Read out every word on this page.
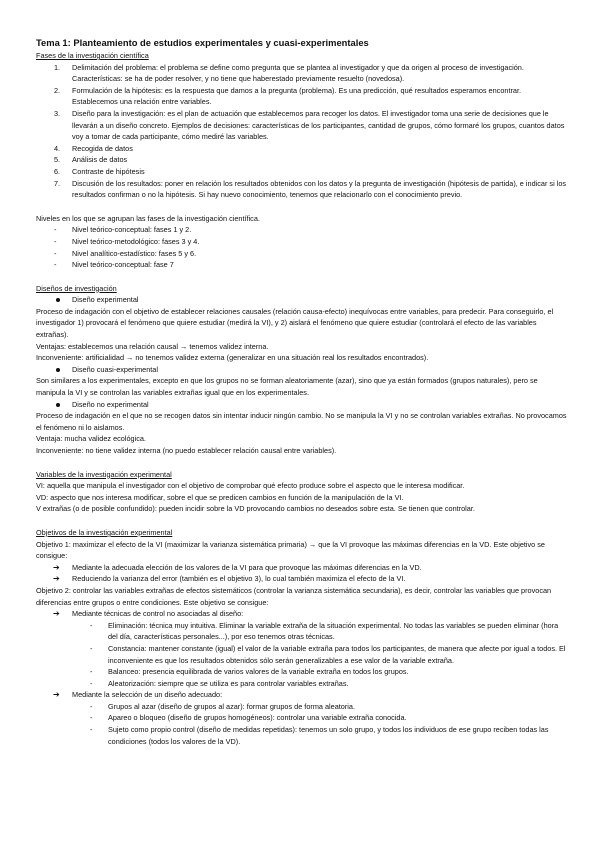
Tema 1: Planteamiento de estudios experimentales y cuasi-experimentales

Fases de la investigación científica

1. Delimitación del problema: el problema se define como pregunta que se plantea al investigador y que da origen al proceso de investigación. Características: se ha de poder resolver, y no tiene que haberestado previamente resuelto (novedosa).
2. Formulación de la hipótesis: es la respuesta que damos a la pregunta (problema). Es una predicción, qué resultados esperamos encontrar. Establecemos una relación entre variables.
3. Diseño para la investigación: es el plan de actuación que establecemos para recoger los datos. El investigador toma una serie de decisiones que le llevarán a un diseño concreto. Ejemplos de decisiones: características de los participantes, cantidad de grupos, cómo formaré los grupos, cuantos datos voy a tomar de cada participante, cómo mediré las variables.
4. Recogida de datos
5. Análisis de datos
6. Contraste de hipótesis
7. Discusión de los resultados: poner en relación los resultados obtenidos con los datos y la pregunta de investigación (hipótesis de partida), e indicar si los resultados confirman o no la hipótesis. Si hay nuevo conocimiento, tenemos que relacionarlo con el conocimiento previo.

Niveles en los que se agrupan las fases de la investigación científica.

- Nivel teórico-conceptual: fases 1 y 2.
- Nivel teórico-metodológico: fases 3 y 4.
- Nivel analítico-estadístico: fases 5 y 6.
- Nivel teórico-conceptual: fase 7

Diseños de investigación

Diseño experimental

Proceso de indagación con el objetivo de establecer relaciones causales (relación causa-efecto) inequívocas entre variables, para predecir. Para conseguirlo, el investigador 1) provocará el fenómeno que quiere estudiar (medirá la VI), y 2) aislará el fenómeno que quiere estudiar (controlará el efecto de las variables extrañas).

Ventajas: establecemos una relación causal → tenemos validez interna.

Inconveniente: artificialidad → no tenemos validez externa (generalizar en una situación real los resultados encontrados).

Diseño cuasi-experimental

Son similares a los experimentales, excepto en que los grupos no se forman aleatoriamente (azar), sino que ya están formados (grupos naturales), pero se manipula la VI y se controlan las variables extrañas igual que en los experimentales.

Diseño no experimental

Proceso de indagación en el que no se recogen datos sin intentar inducir ningún cambio. No se manipula la VI y no se controlan variables extrañas. No provocamos el fenómeno ni lo aislamos.

Ventaja: mucha validez ecológica.

Inconveniente: no tiene validez interna (no puedo establecer relación causal entre variables).

Variables de la investigación experimental

VI: aquella que manipula el investigador con el objetivo de comprobar qué efecto produce sobre el aspecto que le interesa modificar.

VD: aspecto que nos interesa modificar, sobre el que se predicen cambios en función de la manipulación de la VI.

V extrañas (o de posible confundido): pueden incidir sobre la VD provocando cambios no deseados sobre esta. Se tienen que controlar.

Objetivos de la investigación experimental

Objetivo 1: maximizar el efecto de la VI (maximizar la varianza sistemática primaria) → que la VI provoque las máximas diferencias en la VD. Este objetivo se consigue:

➔ Mediante la adecuada elección de los valores de la VI para que provoque las máximas diferencias en la VD.
➔ Reduciendo la varianza del error (también es el objetivo 3), lo cual también maximiza el efecto de la VI.

Objetivo 2: controlar las variables extrañas de efectos sistemáticos (controlar la varianza sistemática secundaria), es decir, controlar las variables que provocan diferencias entre grupos o entre condiciones. Este objetivo se consigue:

➔ Mediante técnicas de control no asociadas al diseño:
- Eliminación: técnica muy intuitiva. Eliminar la variable extraña de la situación experimental. No todas las variables se pueden eliminar (hora del día, características personales...), por eso tenemos otras técnicas.
- Constancia: mantener constante (igual) el valor de la variable extraña para todos los participantes, de manera que afecte por igual a todos. El inconveniente es que los resultados obtenidos sólo serán generalizables a ese valor de la variable extraña.
- Balanceo: presencia equilibrada de varios valores de la variable extraña en todos los grupos.
- Aleatorización: siempre que se utiliza es para controlar variables extrañas.
➔ Mediante la selección de un diseño adecuado:
- Grupos al azar (diseño de grupos al azar): formar grupos de forma aleatoria.
- Apareo o bloqueo (diseño de grupos homogéneos): controlar una variable extraña conocida.
- Sujeto como propio control (diseño de medidas repetidas): tenemos un solo grupo, y todos los individuos de ese grupo reciben todas las condiciones (todos los valores de la VD).
